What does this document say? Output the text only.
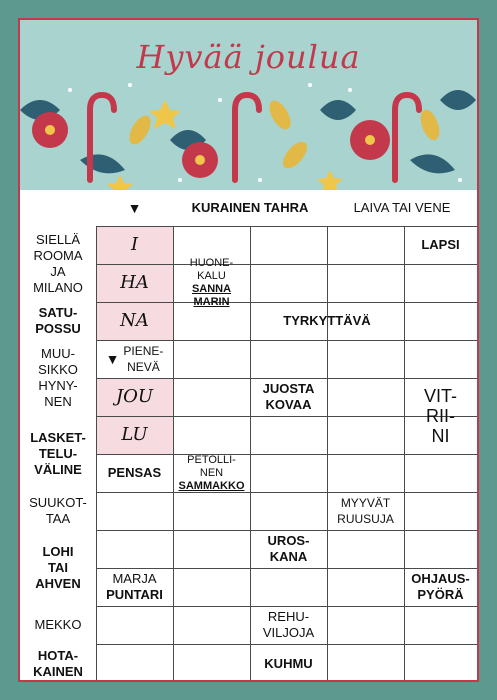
Hyvää joulua
I
HA
NA
JOU
LU
SIELLÄ
ROOMA
JA
MILANO
SATU-
POSSU
MUU-
SIKKO
HYNY-
NEN
LASKET-
TELU-
VÄLINE
SUUKOT-
TAA
LOHI
TAI
AHVEN
MEKKO
HOTA-
KAINEN
▼
▼ PIENE-
NEVÄ
KURAINEN TAHRA	LAIVA TAI VENE
LAPSI
HUONE-
KALU
SANNA MARIN
TYRKYTTÄVÄ
JUOSTA
KOVAA	VIT-
RII-
NI
PENSAS
PETOLLI-
NEN
SAMMAKKO
MYYVÄT
RUUSUJA
UROS-
KANA
MARJA
PUNTARI
OHJAUS-
PYÖRÄ
REHU-
VILJOJA
KUHMU
